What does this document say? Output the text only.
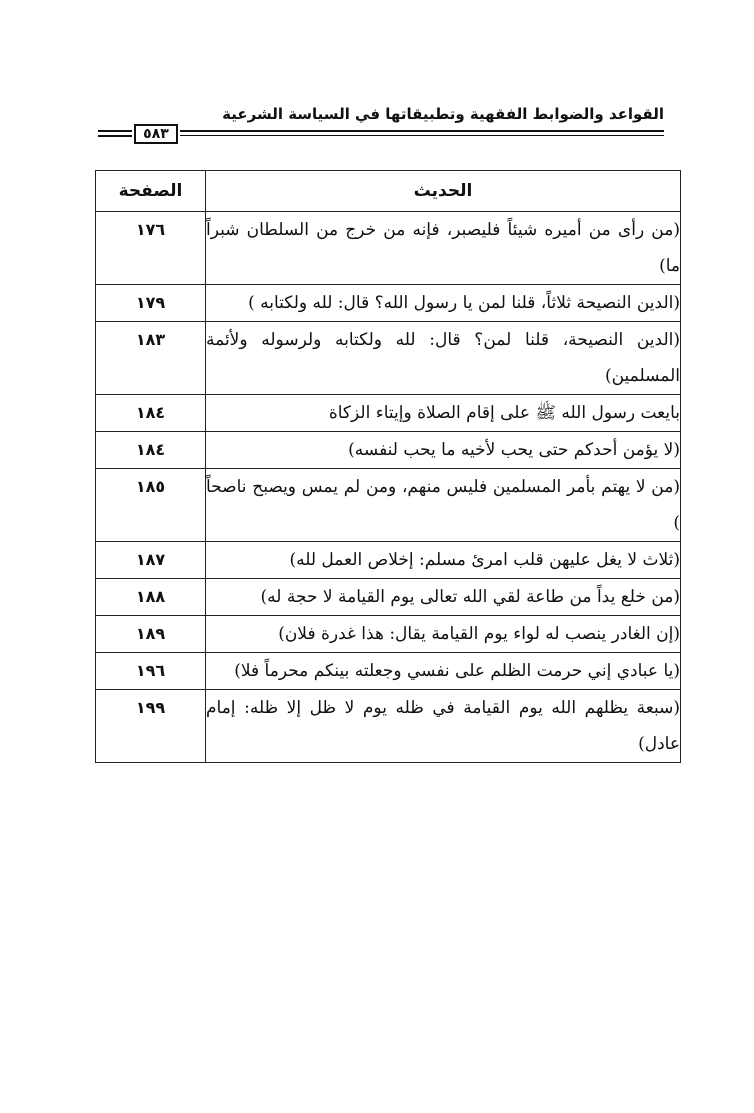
القواعد والضوابط الفقهية وتطبيقاتها في السياسة الشرعية
٥٨٣
الحديث	الصفحة
(من رأى من أميره شيئاً فليصبر، فإنه من خرج من السلطان شبراً ما)	١٧٦
(الدين النصيحة ثلاثاً، قلنا لمن يا رسول الله؟ قال: لله ولكتابه )	١٧٩
(الدين النصيحة، قلنا لمن؟ قال: لله ولكتابه ولرسوله ولأئمة المسلمين)	١٨٣
بايعت رسول الله ﷺ على إقام الصلاة وإيتاء الزكاة	١٨٤
(لا يؤمن أحدكم حتى يحب لأخيه ما يحب لنفسه)	١٨٤
(من لا يهتم بأمر المسلمين فليس منهم، ومن لم يمس ويصبح ناصحاً )	١٨٥
(ثلاث لا يغل عليهن قلب امرئ مسلم: إخلاص العمل لله)	١٨٧
(من خلع يداً من طاعة لقي الله تعالى يوم القيامة لا حجة له)	١٨٨
(إن الغادر ينصب له لواء يوم القيامة يقال: هذا غدرة فلان)	١٨٩
(يا عبادي إني حرمت الظلم على نفسي وجعلته بينكم محرماً فلا)	١٩٦
(سبعة يظلهم الله يوم القيامة في ظله يوم لا ظل إلا ظله: إمام عادل)	١٩٩
